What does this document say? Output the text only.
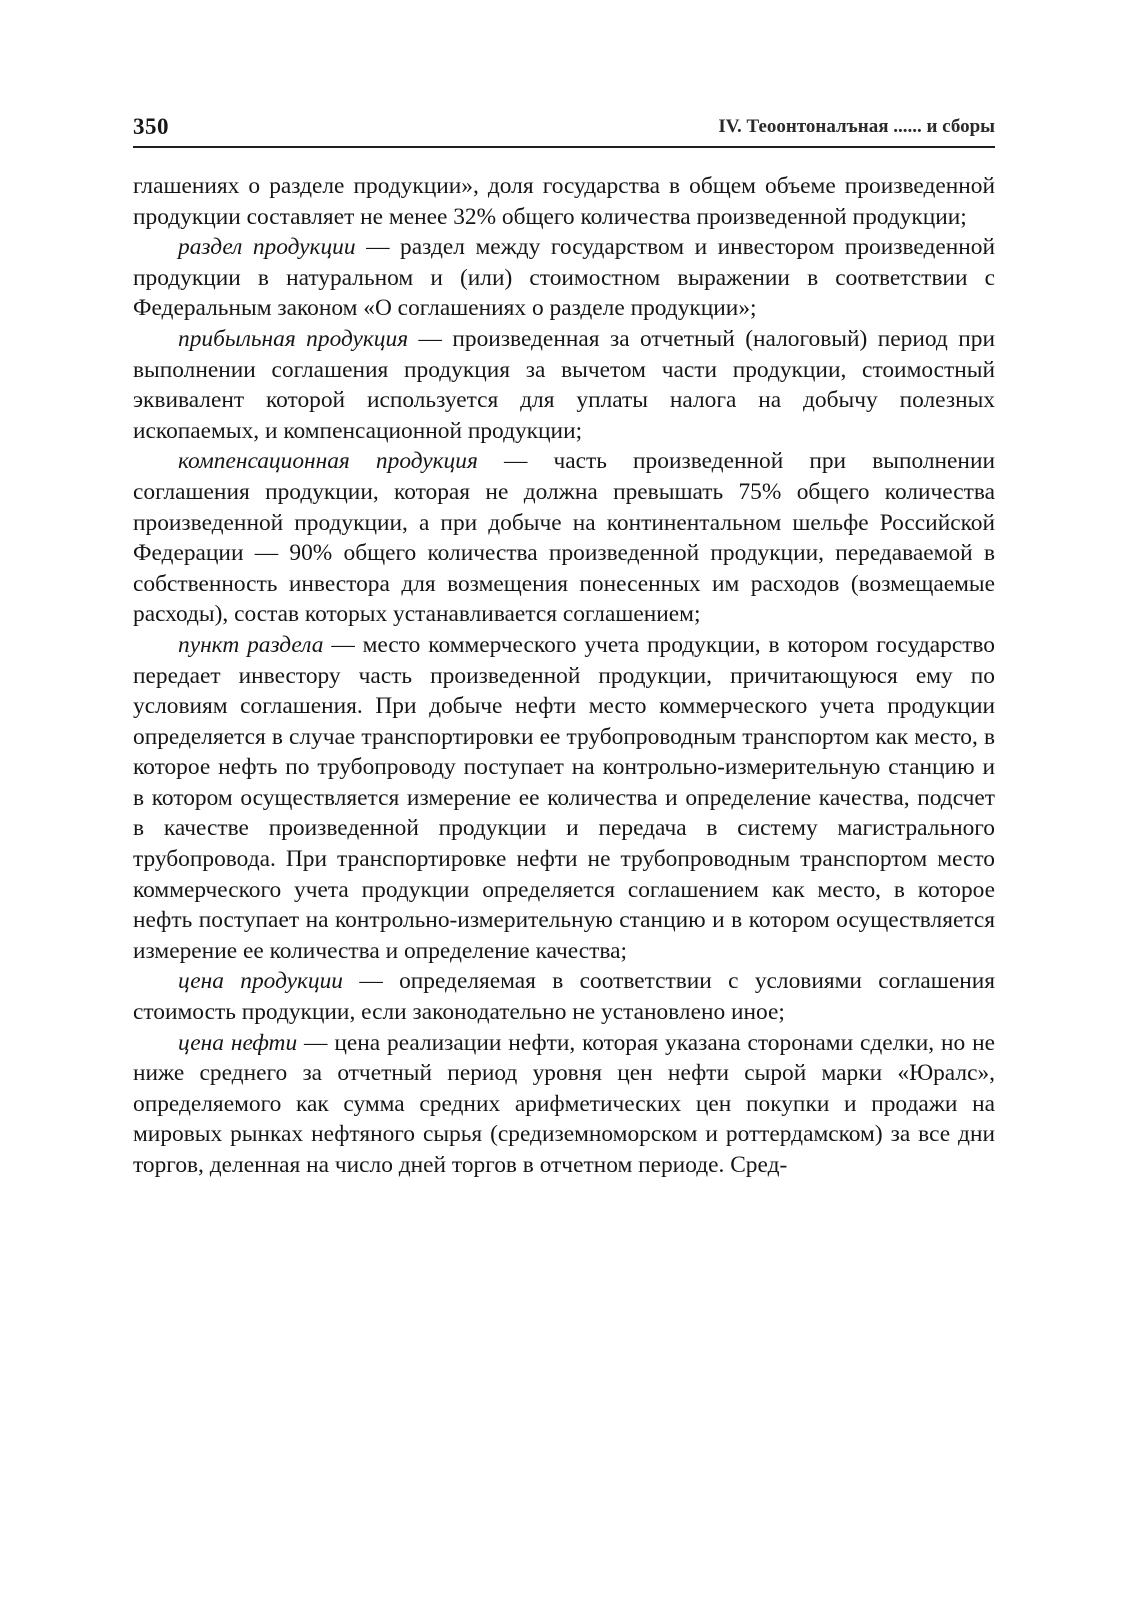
350	IV. Теоонтоналъная ...... и сборы

глашениях о разделе продукции», доля государства в общем объеме произведенной продукции составляет не менее 32% общего количества произведенной продукции;

раздел продукции — раздел между государством и инвестором произведенной продукции в натуральном и (или) стоимостном выражении в соответствии с Федеральным законом «О соглашениях о разделе продукции»;

прибыльная продукция — произведенная за отчетный (налоговый) период при выполнении соглашения продукция за вычетом части продукции, стоимостный эквивалент которой используется для уплаты налога на добычу полезных ископаемых, и компенсационной продукции;

компенсационная продукция — часть произведенной при выполнении соглашения продукции, которая не должна превышать 75% общего количества произведенной продукции, а при добыче на континентальном шельфе Российской Федерации — 90% общего количества произведенной продукции, передаваемой в собственность инвестора для возмещения понесенных им расходов (возмещаемые расходы), состав которых устанавливается соглашением;

пункт раздела — место коммерческого учета продукции, в котором государство передает инвестору часть произведенной продукции, причитающуюся ему по условиям соглашения. При добыче нефти место коммерческого учета продукции определяется в случае транспортировки ее трубопроводным транспортом как место, в которое нефть по трубопроводу поступает на контрольно-измерительную станцию и в котором осуществляется измерение ее количества и определение качества, подсчет в качестве произведенной продукции и передача в систему магистрального трубопровода. При транспортировке нефти не трубопроводным транспортом место коммерческого учета продукции определяется соглашением как место, в которое нефть поступает на контрольно-измерительную станцию и в котором осуществляется измерение ее количества и определение качества;

цена продукции — определяемая в соответствии с условиями соглашения стоимость продукции, если законодательно не установлено иное;

цена нефти — цена реализации нефти, которая указана сторонами сделки, но не ниже среднего за отчетный период уровня цен нефти сырой марки «Юралс», определяемого как сумма средних арифметических цен покупки и продажи на мировых рынках нефтяного сырья (средиземноморском и роттердамском) за все дни торгов, деленная на число дней торгов в отчетном периоде. Сред-
